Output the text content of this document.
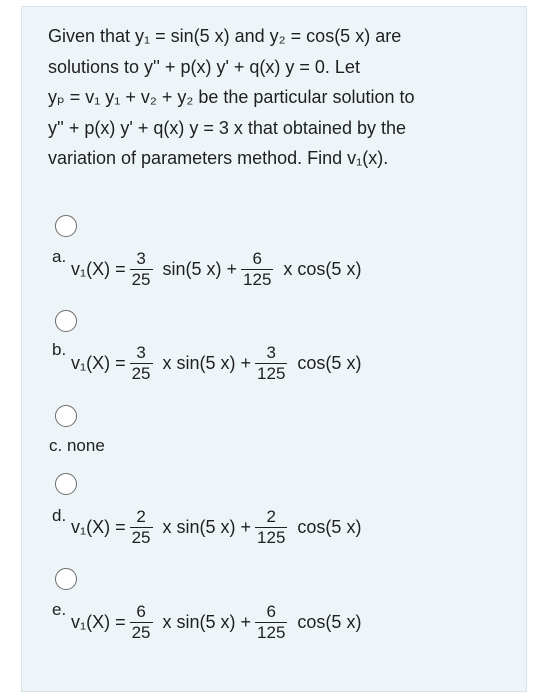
Given that y₁ = sin(5 x) and y₂ = cos(5 x) are
solutions to y'' + p(x) y' + q(x) y = 0. Let
yₚ = v₁ y₁ + v₂ + y₂ be the particular solution to
y'' + p(x) y' + q(x) y = 3 x that obtained by the
variation of parameters method. Find v₁(x).
a.
$v_1(X) = \frac{3}{25} \sin(5$ $x) + \frac{6}{125}$ x cos(5 x)
b.
$v_1(X) = \frac{3}{25}$ x sin(5 $x) + \frac{3}{125} \cos(5$ x)
c. none
d.
$v_1(X) = \frac{2}{25}$ x sin(5 $x) + \frac{2}{125} \cos(5$ x)
e.
$v_1(X) = \frac{6}{25}$ x sin(5 $x) + \frac{6}{125} \cos(5$ x)
